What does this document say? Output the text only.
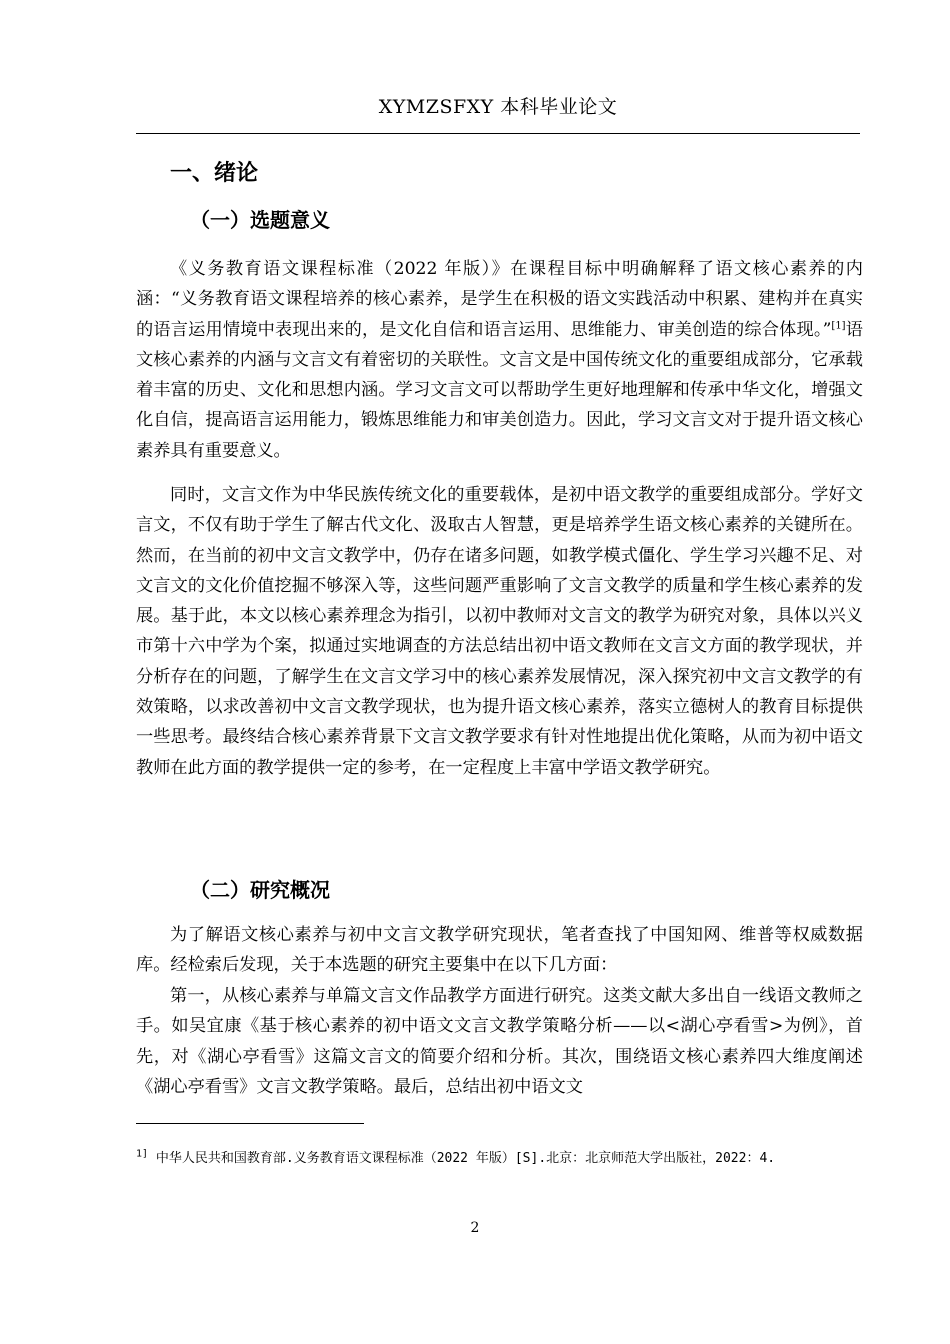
XYMZSFXY 本科毕业论文
一、绪论
（一）选题意义

《义务教育语文课程标准（2022 年版）》在课程目标中明确解释了语文核心素养的内涵：“义务教育语文课程培养的核心素养，是学生在积极的语文实践活动中积累、建构并在真实的语言运用情境中表现出来的，是文化自信和语言运用、思维能力、审美创造的综合体现。”[1]语文核心素养的内涵与文言文有着密切的关联性。文言文是中国传统文化的重要组成部分，它承载着丰富的历史、文化和思想内涵。学习文言文可以帮助学生更好地理解和传承中华文化，增强文化自信，提高语言运用能力，锻炼思维能力和审美创造力。因此，学习文言文对于提升语文核心素养具有重要意义。

同时，文言文作为中华民族传统文化的重要载体，是初中语文教学的重要组成部分。学好文言文，不仅有助于学生了解古代文化、汲取古人智慧，更是培养学生语文核心素养的关键所在。然而，在当前的初中文言文教学中，仍存在诸多问题，如教学模式僵化、学生学习兴趣不足、对文言文的文化价值挖掘不够深入等，这些问题严重影响了文言文教学的质量和学生核心素养的发展。基于此，本文以核心素养理念为指引，以初中教师对文言文的教学为研究对象，具体以兴义市第十六中学为个案，拟通过实地调查的方法总结出初中语文教师在文言文方面的教学现状，并分析存在的问题，了解学生在文言文学习中的核心素养发展情况，深入探究初中文言文教学的有效策略，以求改善初中文言文教学现状，也为提升语文核心素养，落实立德树人的教育目标提供一些思考。最终结合核心素养背景下文言文教学要求有针对性地提出优化策略，从而为初中语文教师在此方面的教学提供一定的参考，在一定程度上丰富中学语文教学研究。

（二）研究概况

为了解语文核心素养与初中文言文教学研究现状，笔者查找了中国知网、维普等权威数据库。经检索后发现，关于本选题的研究主要集中在以下几方面：

第一，从核心素养与单篇文言文作品教学方面进行研究。这类文献大多出自一线语文教师之手。如吴宜康《基于核心素养的初中语文文言文教学策略分析——以<湖心亭看雪>为例》，首先，对《湖心亭看雪》这篇文言文的简要介绍和分析。其次，围绕语文核心素养四大维度阐述《湖心亭看雪》文言文教学策略。最后，总结出初中语文文

$^{1]}$ 中华人民共和国教育部.义务教育语文课程标准（2022 年版）[S].北京：北京师范大学出版社，2022：4.

2
